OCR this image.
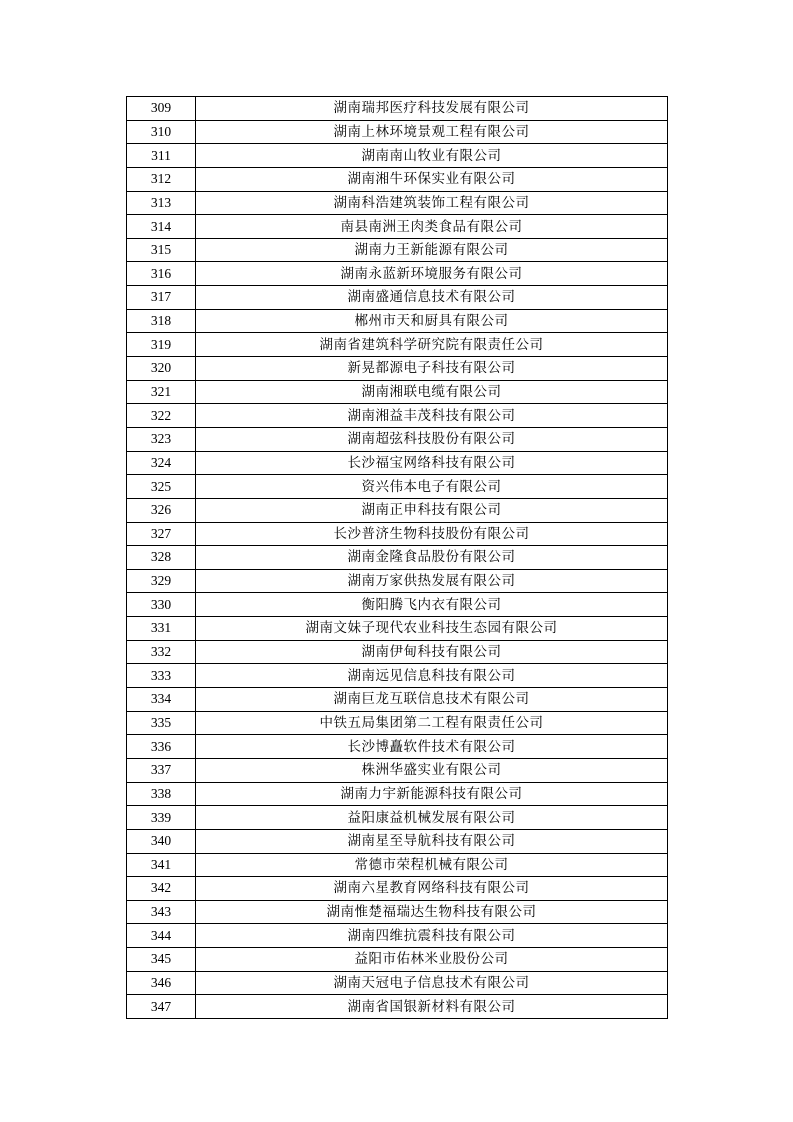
309	湖南瑞邦医疗科技发展有限公司
310	湖南上林环境景观工程有限公司
311	湖南南山牧业有限公司
312	湖南湘牛环保实业有限公司
313	湖南科浩建筑装饰工程有限公司
314	南县南洲王肉类食品有限公司
315	湖南力王新能源有限公司
316	湖南永蓝新环境服务有限公司
317	湖南盛通信息技术有限公司
318	郴州市天和厨具有限公司
319	湖南省建筑科学研究院有限责任公司
320	新晃都源电子科技有限公司
321	湖南湘联电缆有限公司
322	湖南湘益丰茂科技有限公司
323	湖南超弦科技股份有限公司
324	长沙福宝网络科技有限公司
325	资兴伟本电子有限公司
326	湖南正申科技有限公司
327	长沙普济生物科技股份有限公司
328	湖南金隆食品股份有限公司
329	湖南万家供热发展有限公司
330	衡阳腾飞内衣有限公司
331	湖南文妹子现代农业科技生态园有限公司
332	湖南伊甸科技有限公司
333	湖南远见信息科技有限公司
334	湖南巨龙互联信息技术有限公司
335	中铁五局集团第二工程有限责任公司
336	长沙博矗软件技术有限公司
337	株洲华盛实业有限公司
338	湖南力宇新能源科技有限公司
339	益阳康益机械发展有限公司
340	湖南星至导航科技有限公司
341	常德市荣程机械有限公司
342	湖南六星教育网络科技有限公司
343	湖南惟楚福瑞达生物科技有限公司
344	湖南四维抗震科技有限公司
345	益阳市佑林米业股份公司
346	湖南天冠电子信息技术有限公司
347	湖南省国银新材料有限公司
